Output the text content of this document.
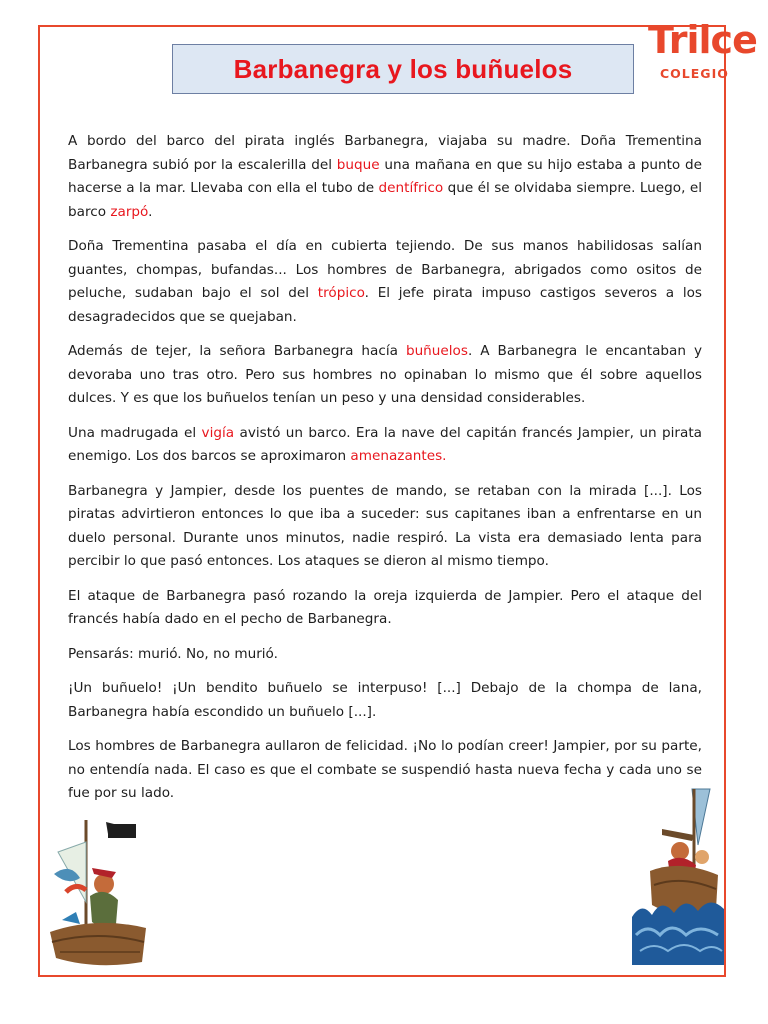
Barbanegra y los buñuelos
Trilce
COLEGIO

A bordo del barco del pirata inglés Barbanegra, viajaba su madre. Doña Trementina Barbanegra subió por la escalerilla del buque una mañana en que su hijo estaba a punto de hacerse a la mar. Llevaba con ella el tubo de dentífrico que él se olvidaba siempre. Luego, el barco zarpó.

Doña Trementina pasaba el día en cubierta tejiendo. De sus manos habilidosas salían guantes, chompas, bufandas... Los hombres de Barbanegra, abrigados como ositos de peluche, sudaban bajo el sol del trópico. El jefe pirata impuso castigos severos a los desagradecidos que se quejaban.

Además de tejer, la señora Barbanegra hacía buñuelos. A Barbanegra le encantaban y devoraba uno tras otro. Pero sus hombres no opinaban lo mismo que él sobre aquellos dulces. Y es que los buñuelos tenían un peso y una densidad considerables.

Una madrugada el vigía avistó un barco. Era la nave del capitán francés Jampier, un pirata enemigo. Los dos barcos se aproximaron amenazantes.

Barbanegra y Jampier, desde los puentes de mando, se retaban con la mirada [...]. Los piratas advirtieron entonces lo que iba a suceder: sus capitanes iban a enfrentarse en un duelo personal. Durante unos minutos, nadie respiró. La vista era demasiado lenta para percibir lo que pasó entonces. Los ataques se dieron al mismo tiempo.

El ataque de Barbanegra pasó rozando la oreja izquierda de Jampier. Pero el ataque del francés había dado en el pecho de Barbanegra.

Pensarás: murió. No, no murió.

¡Un buñuelo! ¡Un bendito buñuelo se interpuso! [...] Debajo de la chompa de lana, Barbanegra había escondido un buñuelo [...].

Los hombres de Barbanegra aullaron de felicidad. ¡No lo podían creer! Jampier, por su parte, no entendía nada. El caso es que el combate se suspendió hasta nueva fecha y cada uno se fue por su lado.
